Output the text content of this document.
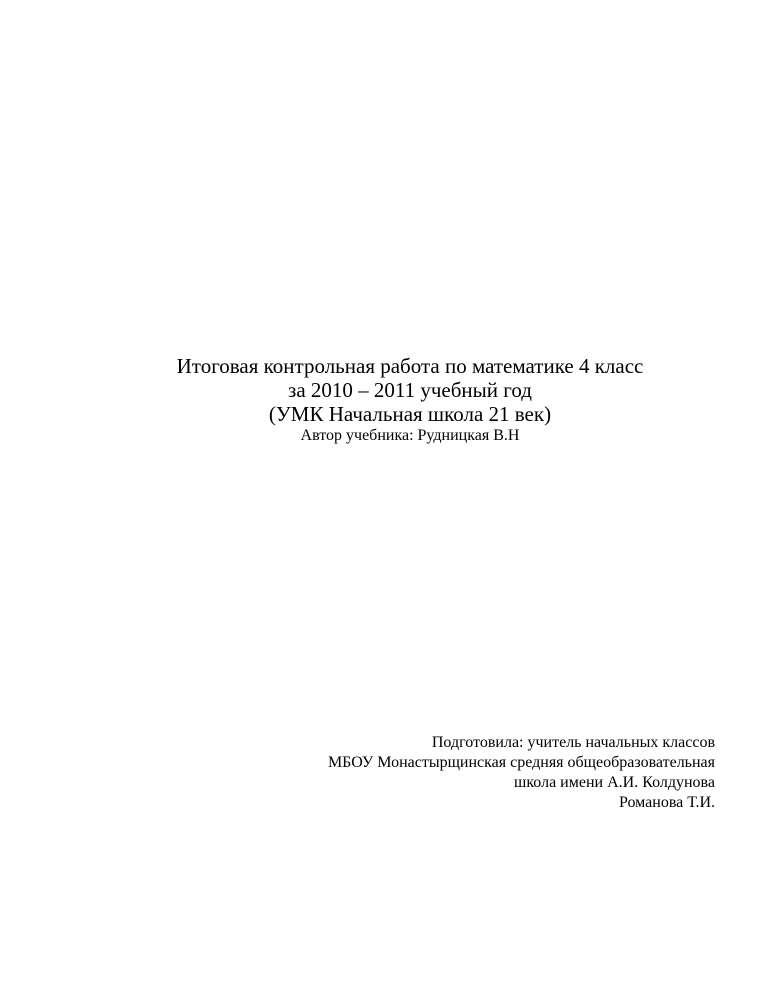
Итоговая контрольная работа по математике 4 класс
за 2010 – 2011 учебный год
(УМК Начальная школа 21 век)
Автор учебника: Рудницкая В.Н
Подготовила: учитель начальных классов
МБОУ Монастырщинская средняя общеобразовательная
школа имени А.И. Колдунова
Романова Т.И.
